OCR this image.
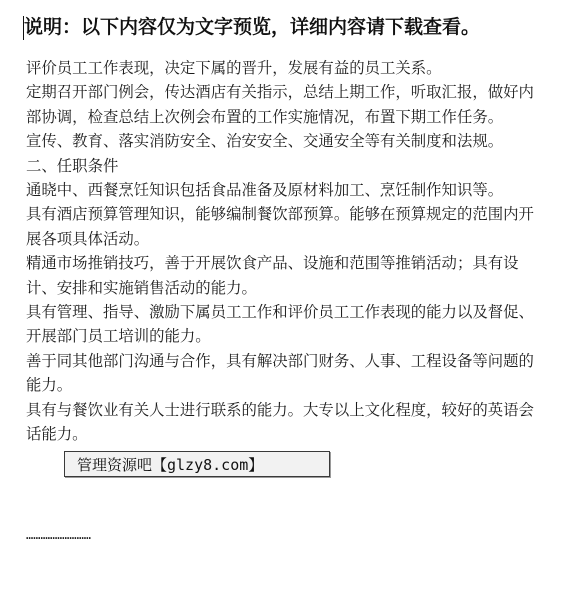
说明：以下内容仅为文字预览，详细内容请下载查看。

评价员工工作表现，决定下属的晋升，发展有益的员工关系。

定期召开部门例会，传达酒店有关指示，总结上期工作，听取汇报，做好内部协调，检查总结上次例会布置的工作实施情况，布置下期工作任务。

宣传、教育、落实消防安全、治安安全、交通安全等有关制度和法规。

二、任职条件

通晓中、西餐烹饪知识包括食品准备及原材料加工、烹饪制作知识等。

具有酒店预算管理知识，能够编制餐饮部预算。能够在预算规定的范围内开展各项具体活动。

精通市场推销技巧，善于开展饮食产品、设施和范围等推销活动；具有设计、安排和实施销售活动的能力。

具有管理、指导、激励下属员工工作和评价员工工作表现的能力以及督促、开展部门员工培训的能力。

善于同其他部门沟通与合作，具有解决部门财务、人事、工程设备等问题的能力。

具有与餐饮业有关人士进行联系的能力。大专以上文化程度，较好的英语会话能力。

………………………
管理资源吧【glzy8.com】
